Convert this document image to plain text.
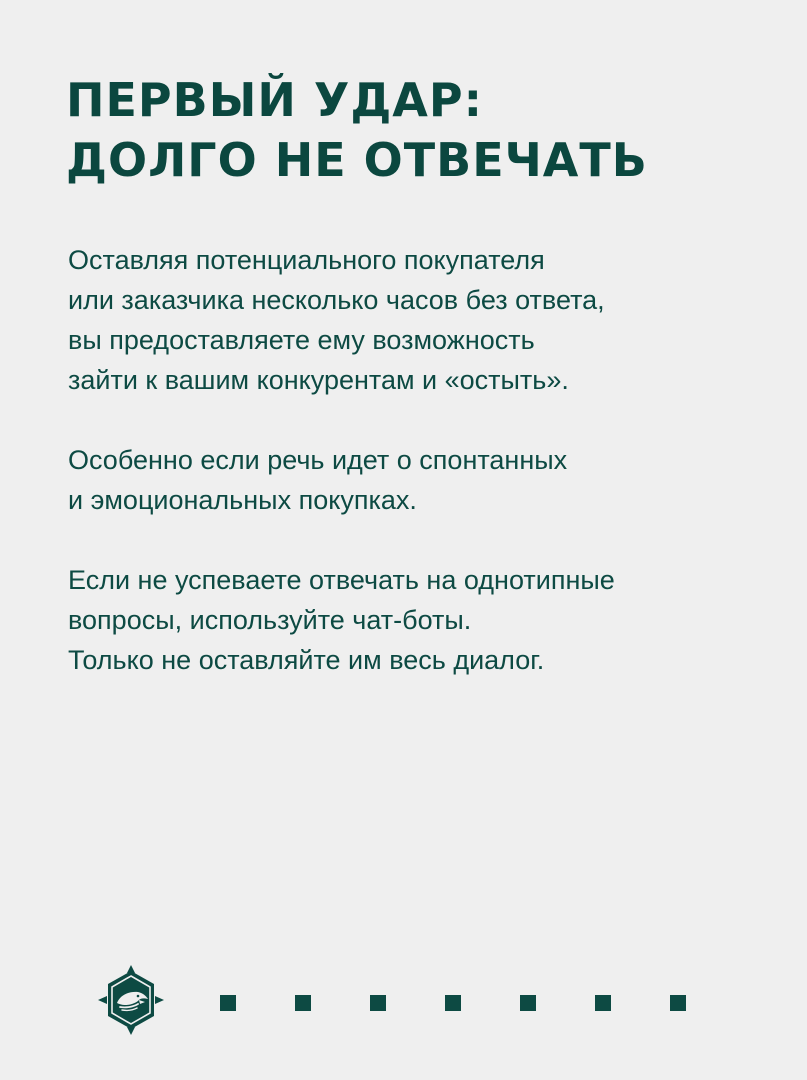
ПЕРВЫЙ УДАР:
ДОЛГО НЕ ОТВЕЧАТЬ

Оставляя потенциального покупателя
или заказчика несколько часов без ответа,
вы предоставляете ему возможность
зайти к вашим конкурентам и «остыть».

Особенно если речь идет о спонтанных
и эмоциональных покупках.

Если не успеваете отвечать на однотипные
вопросы, используйте чат-боты.
Только не оставляйте им весь диалог.
